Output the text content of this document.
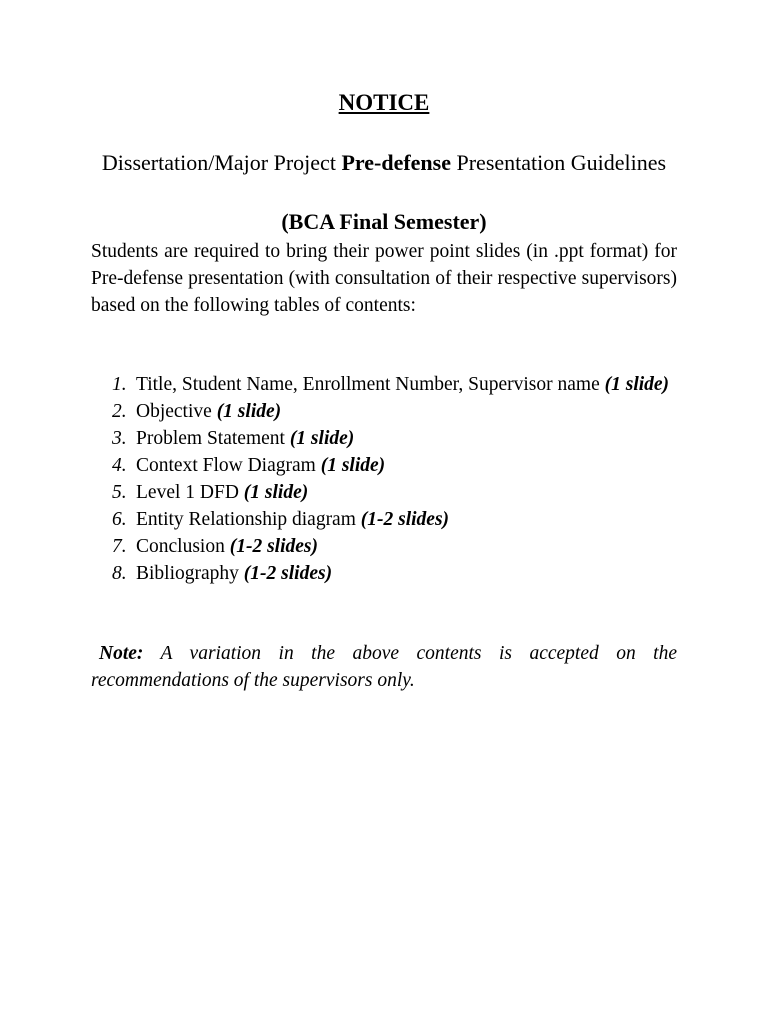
NOTICE
Dissertation/Major Project Pre-defense Presentation Guidelines
(BCA Final Semester)

Students are required to bring their power point slides (in .ppt format) for Pre-defense presentation (with consultation of their respective supervisors) based on the following tables of contents:

1. Title, Student Name, Enrollment Number, Supervisor name (1 slide)
2. Objective (1 slide)
3. Problem Statement (1 slide)
4. Context Flow Diagram (1 slide)
5. Level 1 DFD (1 slide)
6. Entity Relationship diagram (1-2 slides)
7. Conclusion (1-2 slides)
8. Bibliography (1-2 slides)

Note: A variation in the above contents is accepted on the recommendations of the supervisors only.
